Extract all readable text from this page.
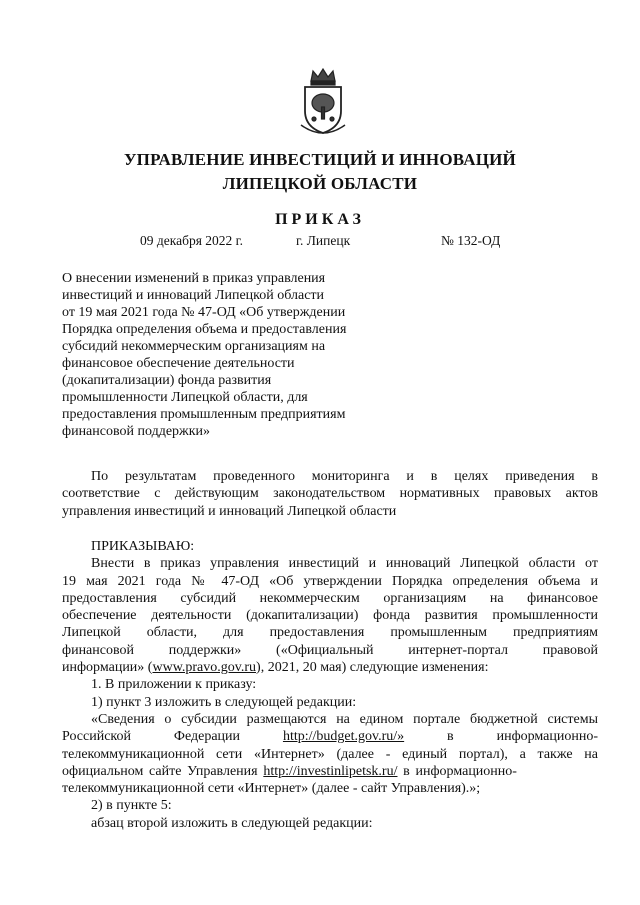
УПРАВЛЕНИЕ ИНВЕСТИЦИЙ И ИННОВАЦИЙ
ЛИПЕЦКОЙ ОБЛАСТИ
ПРИКАЗ
09 декабря 2022 г.	г. Липецк	№ 132-ОД
О внесении изменений в приказ управления
инвестиций и инноваций Липецкой области
от 19 мая 2021 года № 47-ОД «Об утверждении
Порядка определения объема и предоставления
субсидий некоммерческим организациям на
финансовое обеспечение деятельности
(докапитализации) фонда развития
промышленности Липецкой области, для
предоставления промышленным предприятиям
финансовой поддержки»
По результатам проведенного мониторинга и в целях приведения в
соответствие с действующим законодательством нормативных правовых актов
управления инвестиций и инноваций Липецкой области
ПРИКАЗЫВАЮ:
Внести в приказ управления инвестиций и инноваций Липецкой области от
19 мая 2021 года № 47-ОД «Об утверждении Порядка определения объема и
предоставления субсидий некоммерческим организациям на финансовое
обеспечение деятельности (докапитализации) фонда развития промышленности
Липецкой области, для предоставления промышленным предприятиям
финансовой поддержки» («Официальный интернет-портал правовой
информации» (www.pravo.gov.ru), 2021, 20 мая) следующие изменения:
1. В приложении к приказу:
1) пункт 3 изложить в следующей редакции:
«Сведения о субсидии размещаются на едином портале бюджетной системы
Российской	Федерации	http://budget.gov.ru/»	в	информационно-
телекоммуникационной сети «Интернет» (далее - единый портал), а также на
официальном сайте Управления http://investinlipetsk.ru/ в информационно-
телекоммуникационной сети «Интернет» (далее - сайт Управления).»;
2) в пункте 5:
абзац второй изложить в следующей редакции:
